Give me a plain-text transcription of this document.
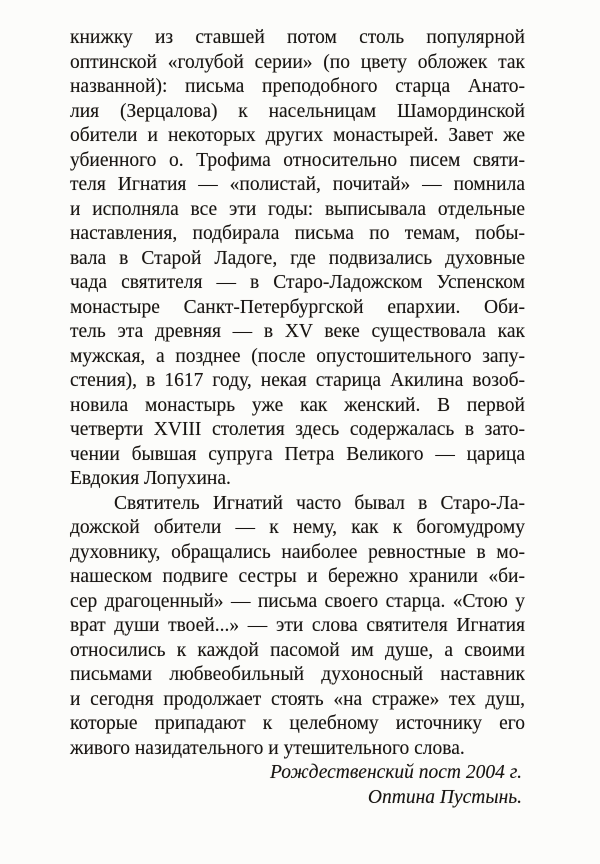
книжку из ставшей потом столь популярной
оптинской «голубой серии» (по цвету обложек так
названной): письма преподобного старца Анато-
лия (Зерцалова) к насельницам Шамординской
обители и некоторых других монастырей. Завет же
убиенного о. Трофима относительно писем святи-
теля Игнатия — «полистай, почитай» — помнила
и исполняла все эти годы: выписывала отдельные
наставления, подбирала письма по темам, побы-
вала в Старой Ладоге, где подвизались духовные
чада святителя — в Старо-Ладожском Успенском
монастыре Санкт-Петербургской епархии. Оби-
тель эта древняя — в XV веке существовала как
мужская, а позднее (после опустошительного запу-
стения), в 1617 году, некая старица Акилина возоб-
новила монастырь уже как женский. В первой
четверти XVIII столетия здесь содержалась в зато-
чении бывшая супруга Петра Великого — царица
Евдокия Лопухина.
Святитель Игнатий часто бывал в Старо-Ла-
дожской обители — к нему, как к богомудрому
духовнику, обращались наиболее ревностные в мо-
нашеском подвиге сестры и бережно хранили «би-
сер драгоценный» — письма своего старца. «Стою у
врат души твоей...» — эти слова святителя Игнатия
относились к каждой пасомой им душе, а своими
письмами любвеобильный духоносный наставник
и сегодня продолжает стоять «на страже» тех душ,
которые припадают к целебному источнику его
живого назидательного и утешительного слова.
Рождественский пост 2004 г.
Оптина Пустынь.
